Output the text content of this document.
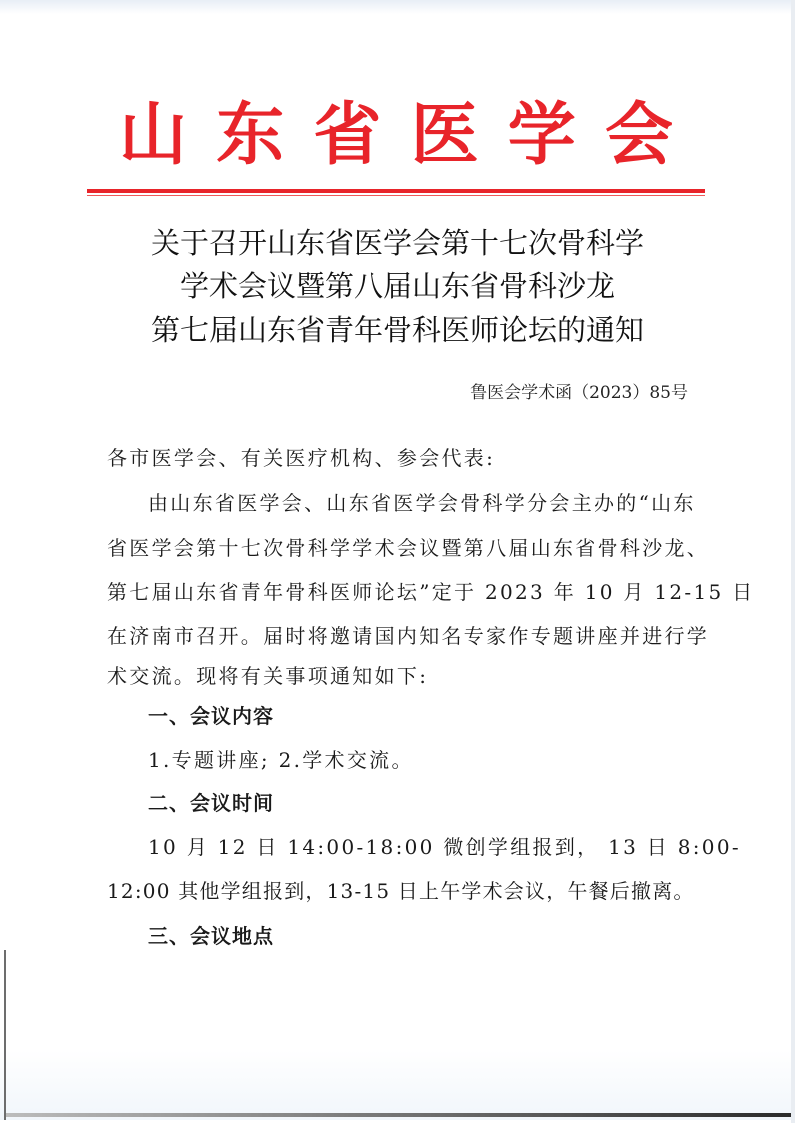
山 东 省 医 学 会
关于召开山东省医学会第十七次骨科学
学术会议暨第八届山东省骨科沙龙
第七届山东省青年骨科医师论坛的通知
鲁医会学术函（2023）85号
各市医学会、有关医疗机构、参会代表:
由山东省医学会、山东省医学会骨科学分会主办的“山东
省医学会第十七次骨科学学术会议暨第八届山东省骨科沙龙、
第七届山东省青年骨科医师论坛”定于 2023 年 10 月 12-15 日
在济南市召开。届时将邀请国内知名专家作专题讲座并进行学
术交流。现将有关事项通知如下:
一、会议内容
1.专题讲座; 2.学术交流。
二、会议时间
10 月 12 日 14:00-18:00 微创学组报到， 13 日 8:00-
12:00 其他学组报到，13-15 日上午学术会议，午餐后撤离。
三、会议地点
